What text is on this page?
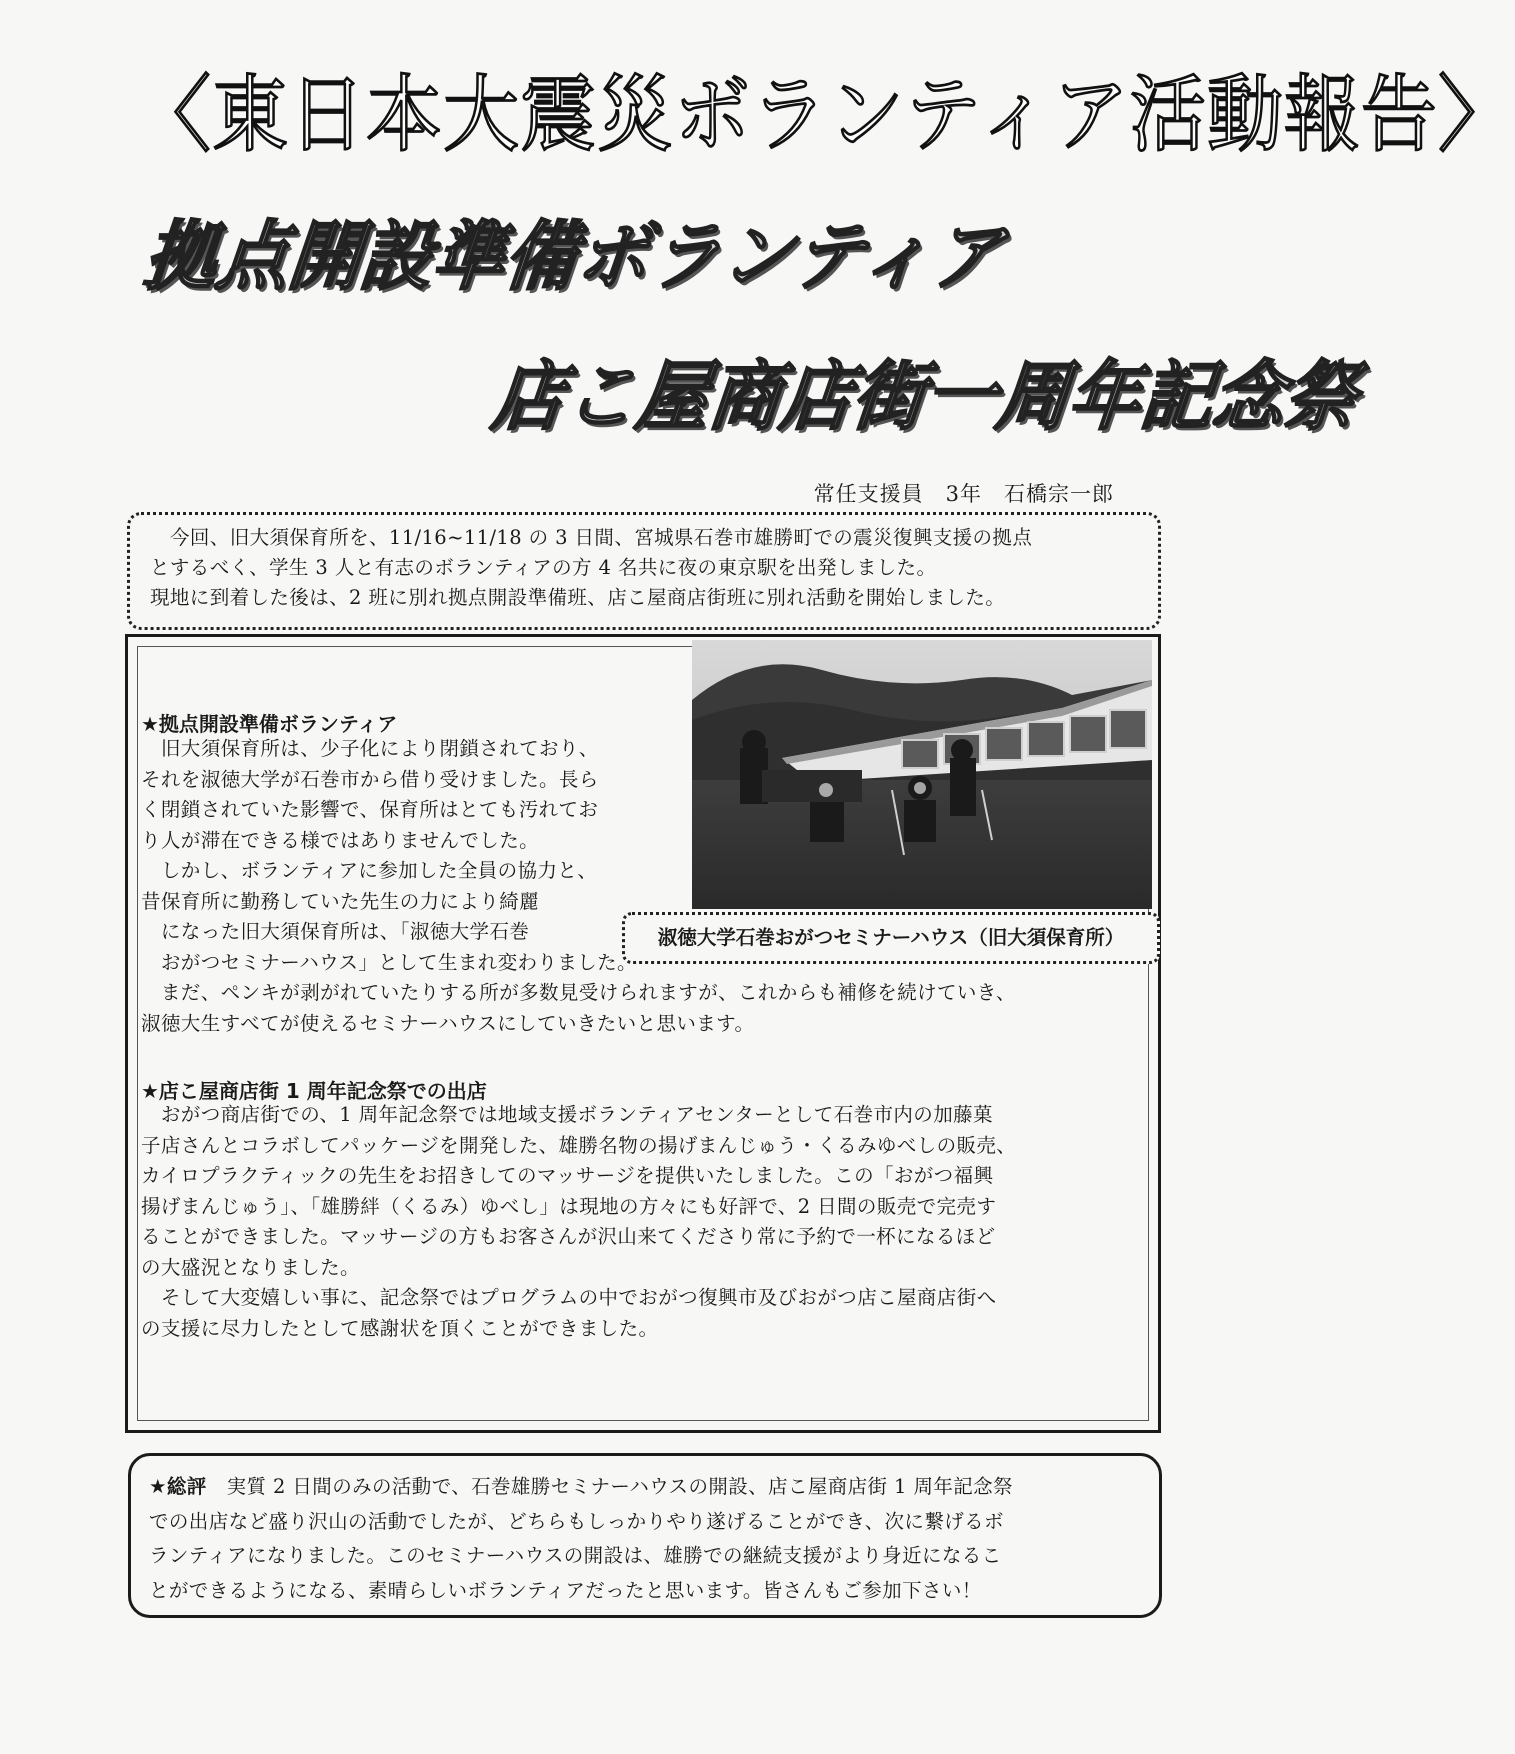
〈東日本大震災ボランティア活動報告〉
拠点開設準備ボランティア
店こ屋商店街一周年記念祭
常任支援員　3年　石橋宗一郎

今回、旧大須保育所を、11/16~11/18 の 3 日間、宮城県石巻市雄勝町での震災復興支援の拠点

とするべく、学生 3 人と有志のボランティアの方 4 名共に夜の東京駅を出発しました。

現地に到着した後は、2 班に別れ拠点開設準備班、店こ屋商店街班に別れ活動を開始しました。

淑徳大学石巻おがつセミナーハウス（旧大須保育所）
★拠点開設準備ボランティア

　旧大須保育所は、少子化により閉鎖されており、

それを淑徳大学が石巻市から借り受けました。長ら

く閉鎖されていた影響で、保育所はとても汚れてお

り人が滞在できる様ではありませんでした。

　しかし、ボランティアに参加した全員の協力と、

昔保育所に勤務していた先生の力により綺麗

　になった旧大須保育所は、「淑徳大学石巻

　おがつセミナーハウス」として生まれ変わりました。

　まだ、ペンキが剥がれていたりする所が多数見受けられますが、これからも補修を続けていき、

淑徳大生すべてが使えるセミナーハウスにしていきたいと思います。

★店こ屋商店街 1 周年記念祭での出店

　おがつ商店街での、1 周年記念祭では地域支援ボランティアセンターとして石巻市内の加藤菓

子店さんとコラボしてパッケージを開発した、雄勝名物の揚げまんじゅう・くるみゆべしの販売、

カイロプラクティックの先生をお招きしてのマッサージを提供いたしました。この「おがつ福興

揚げまんじゅう」、「雄勝絆（くるみ）ゆべし」は現地の方々にも好評で、2 日間の販売で完売す

ることができました。マッサージの方もお客さんが沢山来てくださり常に予約で一杯になるほど

の大盛況となりました。

　そして大変嬉しい事に、記念祭ではプログラムの中でおがつ復興市及びおがつ店こ屋商店街へ

の支援に尽力したとして感謝状を頂くことができました。

★総評　実質 2 日間のみの活動で、石巻雄勝セミナーハウスの開設、店こ屋商店街 1 周年記念祭

での出店など盛り沢山の活動でしたが、どちらもしっかりやり遂げることができ、次に繋げるボ

ランティアになりました。このセミナーハウスの開設は、雄勝での継続支援がより身近になるこ

とができるようになる、素晴らしいボランティアだったと思います。皆さんもご参加下さい！
